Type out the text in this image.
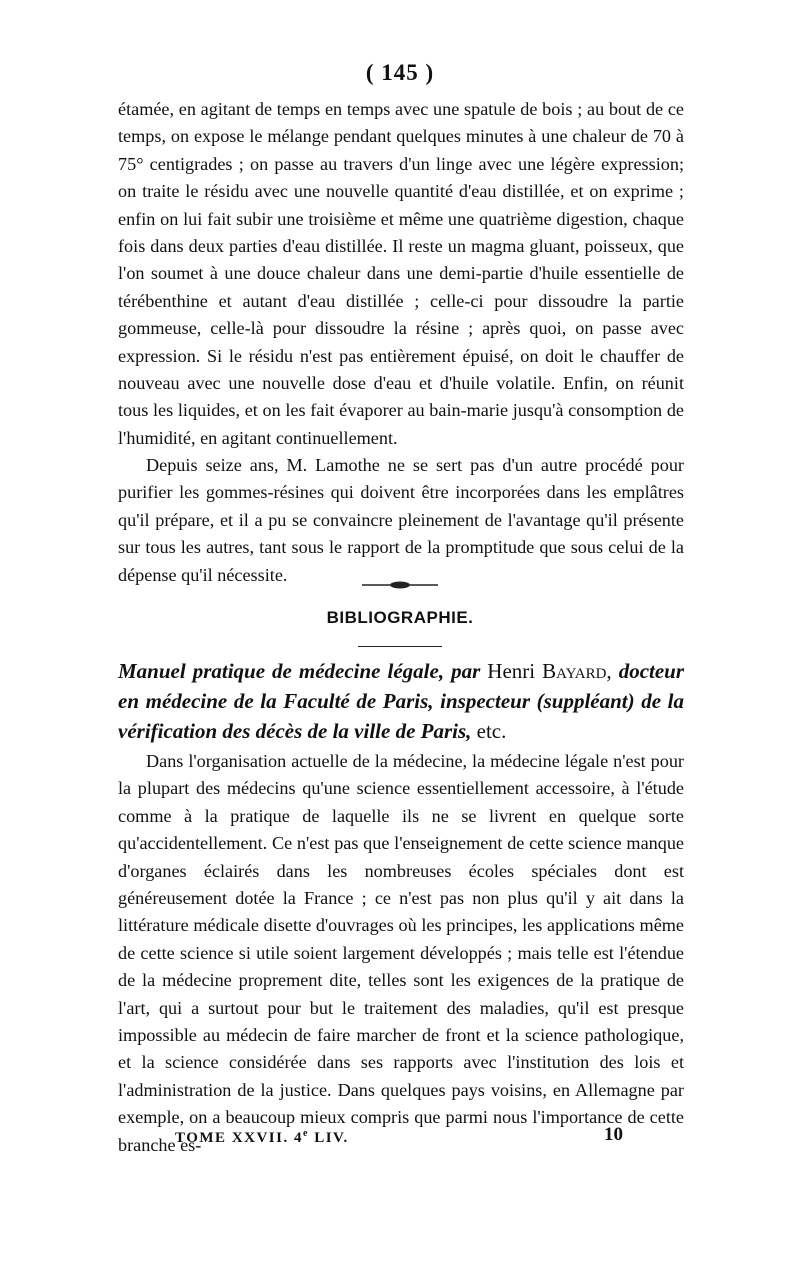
( 145 )

étamée, en agitant de temps en temps avec une spatule de bois ; au bout de ce temps, on expose le mélange pendant quelques minutes à une chaleur de 70 à 75° centigrades ; on passe au travers d'un linge avec une légère expression; on traite le résidu avec une nouvelle quantité d'eau distillée, et on exprime ; enfin on lui fait subir une troisième et même une quatrième digestion, chaque fois dans deux parties d'eau distillée. Il reste un magma gluant, poisseux, que l'on soumet à une douce chaleur dans une demi-partie d'huile essentielle de térébenthine et autant d'eau distillée ; celle-ci pour dissoudre la partie gommeuse, celle-là pour dissoudre la résine ; après quoi, on passe avec expression. Si le résidu n'est pas entièrement épuisé, on doit le chauffer de nouveau avec une nouvelle dose d'eau et d'huile volatile. Enfin, on réunit tous les liquides, et on les fait évaporer au bain-marie jusqu'à consomption de l'humidité, en agitant continuellement.

Depuis seize ans, M. Lamothe ne se sert pas d'un autre procédé pour purifier les gommes-résines qui doivent être incorporées dans les emplâtres qu'il prépare, et il a pu se convaincre pleinement de l'avantage qu'il présente sur tous les autres, tant sous le rapport de la promptitude que sous celui de la dépense qu'il nécessite.

BIBLIOGRAPHIE.

Manuel pratique de médecine légale, par Henri Bayard, docteur en médecine de la Faculté de Paris, inspecteur (suppléant) de la vérification des décès de la ville de Paris, etc.

Dans l'organisation actuelle de la médecine, la médecine légale n'est pour la plupart des médecins qu'une science essentiellement accessoire, à l'étude comme à la pratique de laquelle ils ne se livrent en quelque sorte qu'accidentellement. Ce n'est pas que l'enseignement de cette science manque d'organes éclairés dans les nombreuses écoles spéciales dont est généreusement dotée la France ; ce n'est pas non plus qu'il y ait dans la littérature médicale disette d'ouvrages où les principes, les applications même de cette science si utile soient largement développés ; mais telle est l'étendue de la médecine proprement dite, telles sont les exigences de la pratique de l'art, qui a surtout pour but le traitement des maladies, qu'il est presque impossible au médecin de faire marcher de front et la science pathologique, et la science considérée dans ses rapports avec l'institution des lois et l'administration de la justice. Dans quelques pays voisins, en Allemagne par exemple, on a beaucoup mieux compris que parmi nous l'importance de cette branche es-

TOME XXVII. 4e LIV.	10
